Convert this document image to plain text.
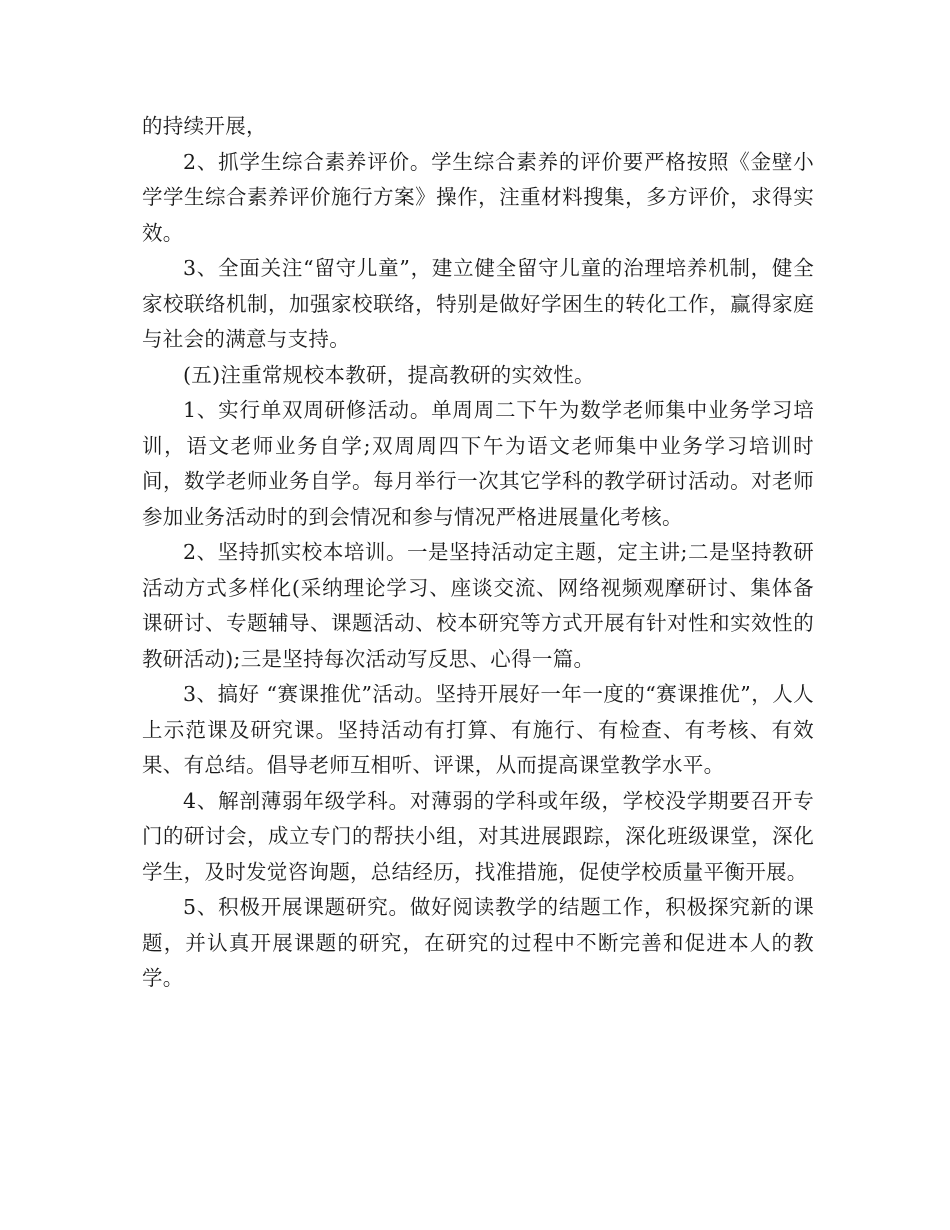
的持续开展，

2、抓学生综合素养评价。学生综合素养的评价要严格按照《金壁小学学生综合素养评价施行方案》操作，注重材料搜集，多方评价，求得实效。

3、全面关注“留守儿童”，建立健全留守儿童的治理培养机制，健全家校联络机制，加强家校联络，特别是做好学困生的转化工作，赢得家庭与社会的满意与支持。

(五)注重常规校本教研，提高教研的实效性。

1、实行单双周研修活动。单周周二下午为数学老师集中业务学习培训，语文老师业务自学;双周周四下午为语文老师集中业务学习培训时间，数学老师业务自学。每月举行一次其它学科的教学研讨活动。对老师参加业务活动时的到会情况和参与情况严格进展量化考核。

2、坚持抓实校本培训。一是坚持活动定主题，定主讲;二是坚持教研活动方式多样化(采纳理论学习、座谈交流、网络视频观摩研讨、集体备课研讨、专题辅导、课题活动、校本研究等方式开展有针对性和实效性的教研活动);三是坚持每次活动写反思、心得一篇。

3、搞好 “赛课推优”活动。坚持开展好一年一度的“赛课推优”，人人上示范课及研究课。坚持活动有打算、有施行、有检查、有考核、有效果、有总结。倡导老师互相听、评课，从而提高课堂教学水平。

4、解剖薄弱年级学科。对薄弱的学科或年级，学校没学期要召开专门的研讨会，成立专门的帮扶小组，对其进展跟踪，深化班级课堂，深化学生，及时发觉咨询题，总结经历，找准措施，促使学校质量平衡开展。

5、积极开展课题研究。做好阅读教学的结题工作，积极探究新的课题，并认真开展课题的研究，在研究的过程中不断完善和促进本人的教学。
